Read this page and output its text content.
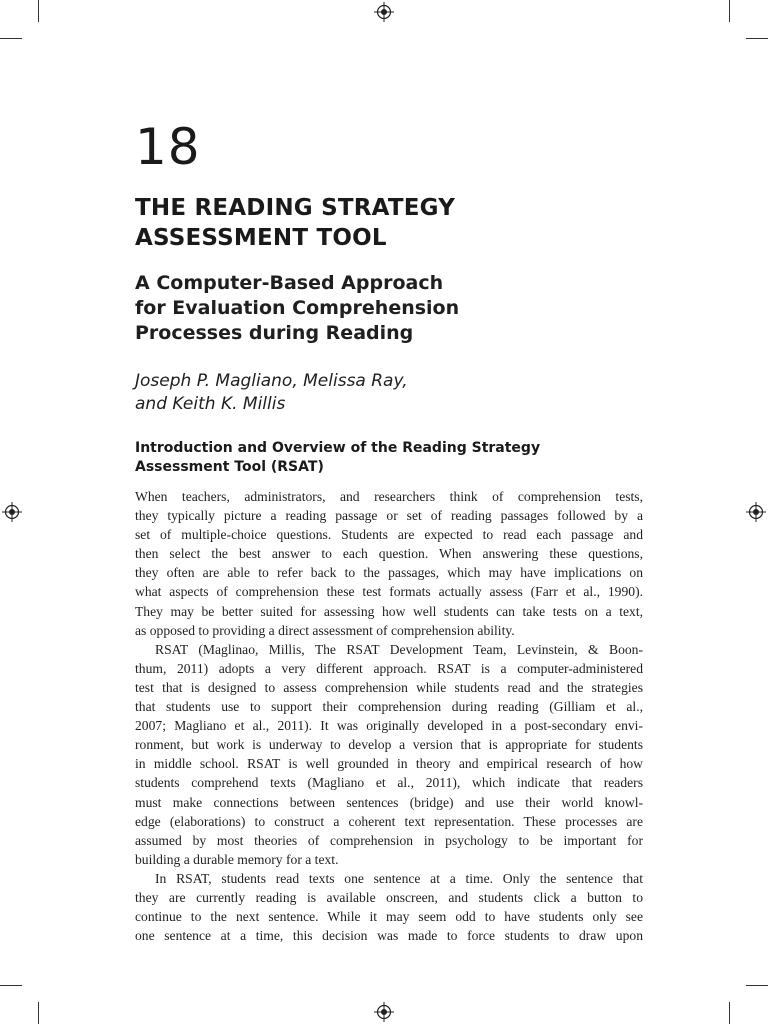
18
THE READING STRATEGY
ASSESSMENT TOOL
A Computer-Based Approach
for Evaluation Comprehension
Processes during Reading
Joseph P. Magliano, Melissa Ray,
and Keith K. Millis
Introduction and Overview of the Reading Strategy
Assessment Tool (RSAT)

When teachers, administrators, and researchers think of comprehension tests,
they typically picture a reading passage or set of reading passages followed by a
set of multiple-choice questions. Students are expected to read each passage and
then select the best answer to each question. When answering these questions,
they often are able to refer back to the passages, which may have implications on
what aspects of comprehension these test formats actually assess (Farr et al., 1990).
They may be better suited for assessing how well students can take tests on a text,
as opposed to providing a direct assessment of comprehension ability.

RSAT (Maglinao, Millis, The RSAT Development Team, Levinstein, & Boon-
thum, 2011) adopts a very different approach. RSAT is a computer-administered
test that is designed to assess comprehension while students read and the strategies
that students use to support their comprehension during reading (Gilliam et al.,
2007; Magliano et al., 2011). It was originally developed in a post-secondary envi-
ronment, but work is underway to develop a version that is appropriate for students
in middle school. RSAT is well grounded in theory and empirical research of how
students comprehend texts (Magliano et al., 2011), which indicate that readers
must make connections between sentences (bridge) and use their world knowl-
edge (elaborations) to construct a coherent text representation. These processes are
assumed by most theories of comprehension in psychology to be important for
building a durable memory for a text.

In RSAT, students read texts one sentence at a time. Only the sentence that
they are currently reading is available onscreen, and students click a button to
continue to the next sentence. While it may seem odd to have students only see
one sentence at a time, this decision was made to force students to draw upon
